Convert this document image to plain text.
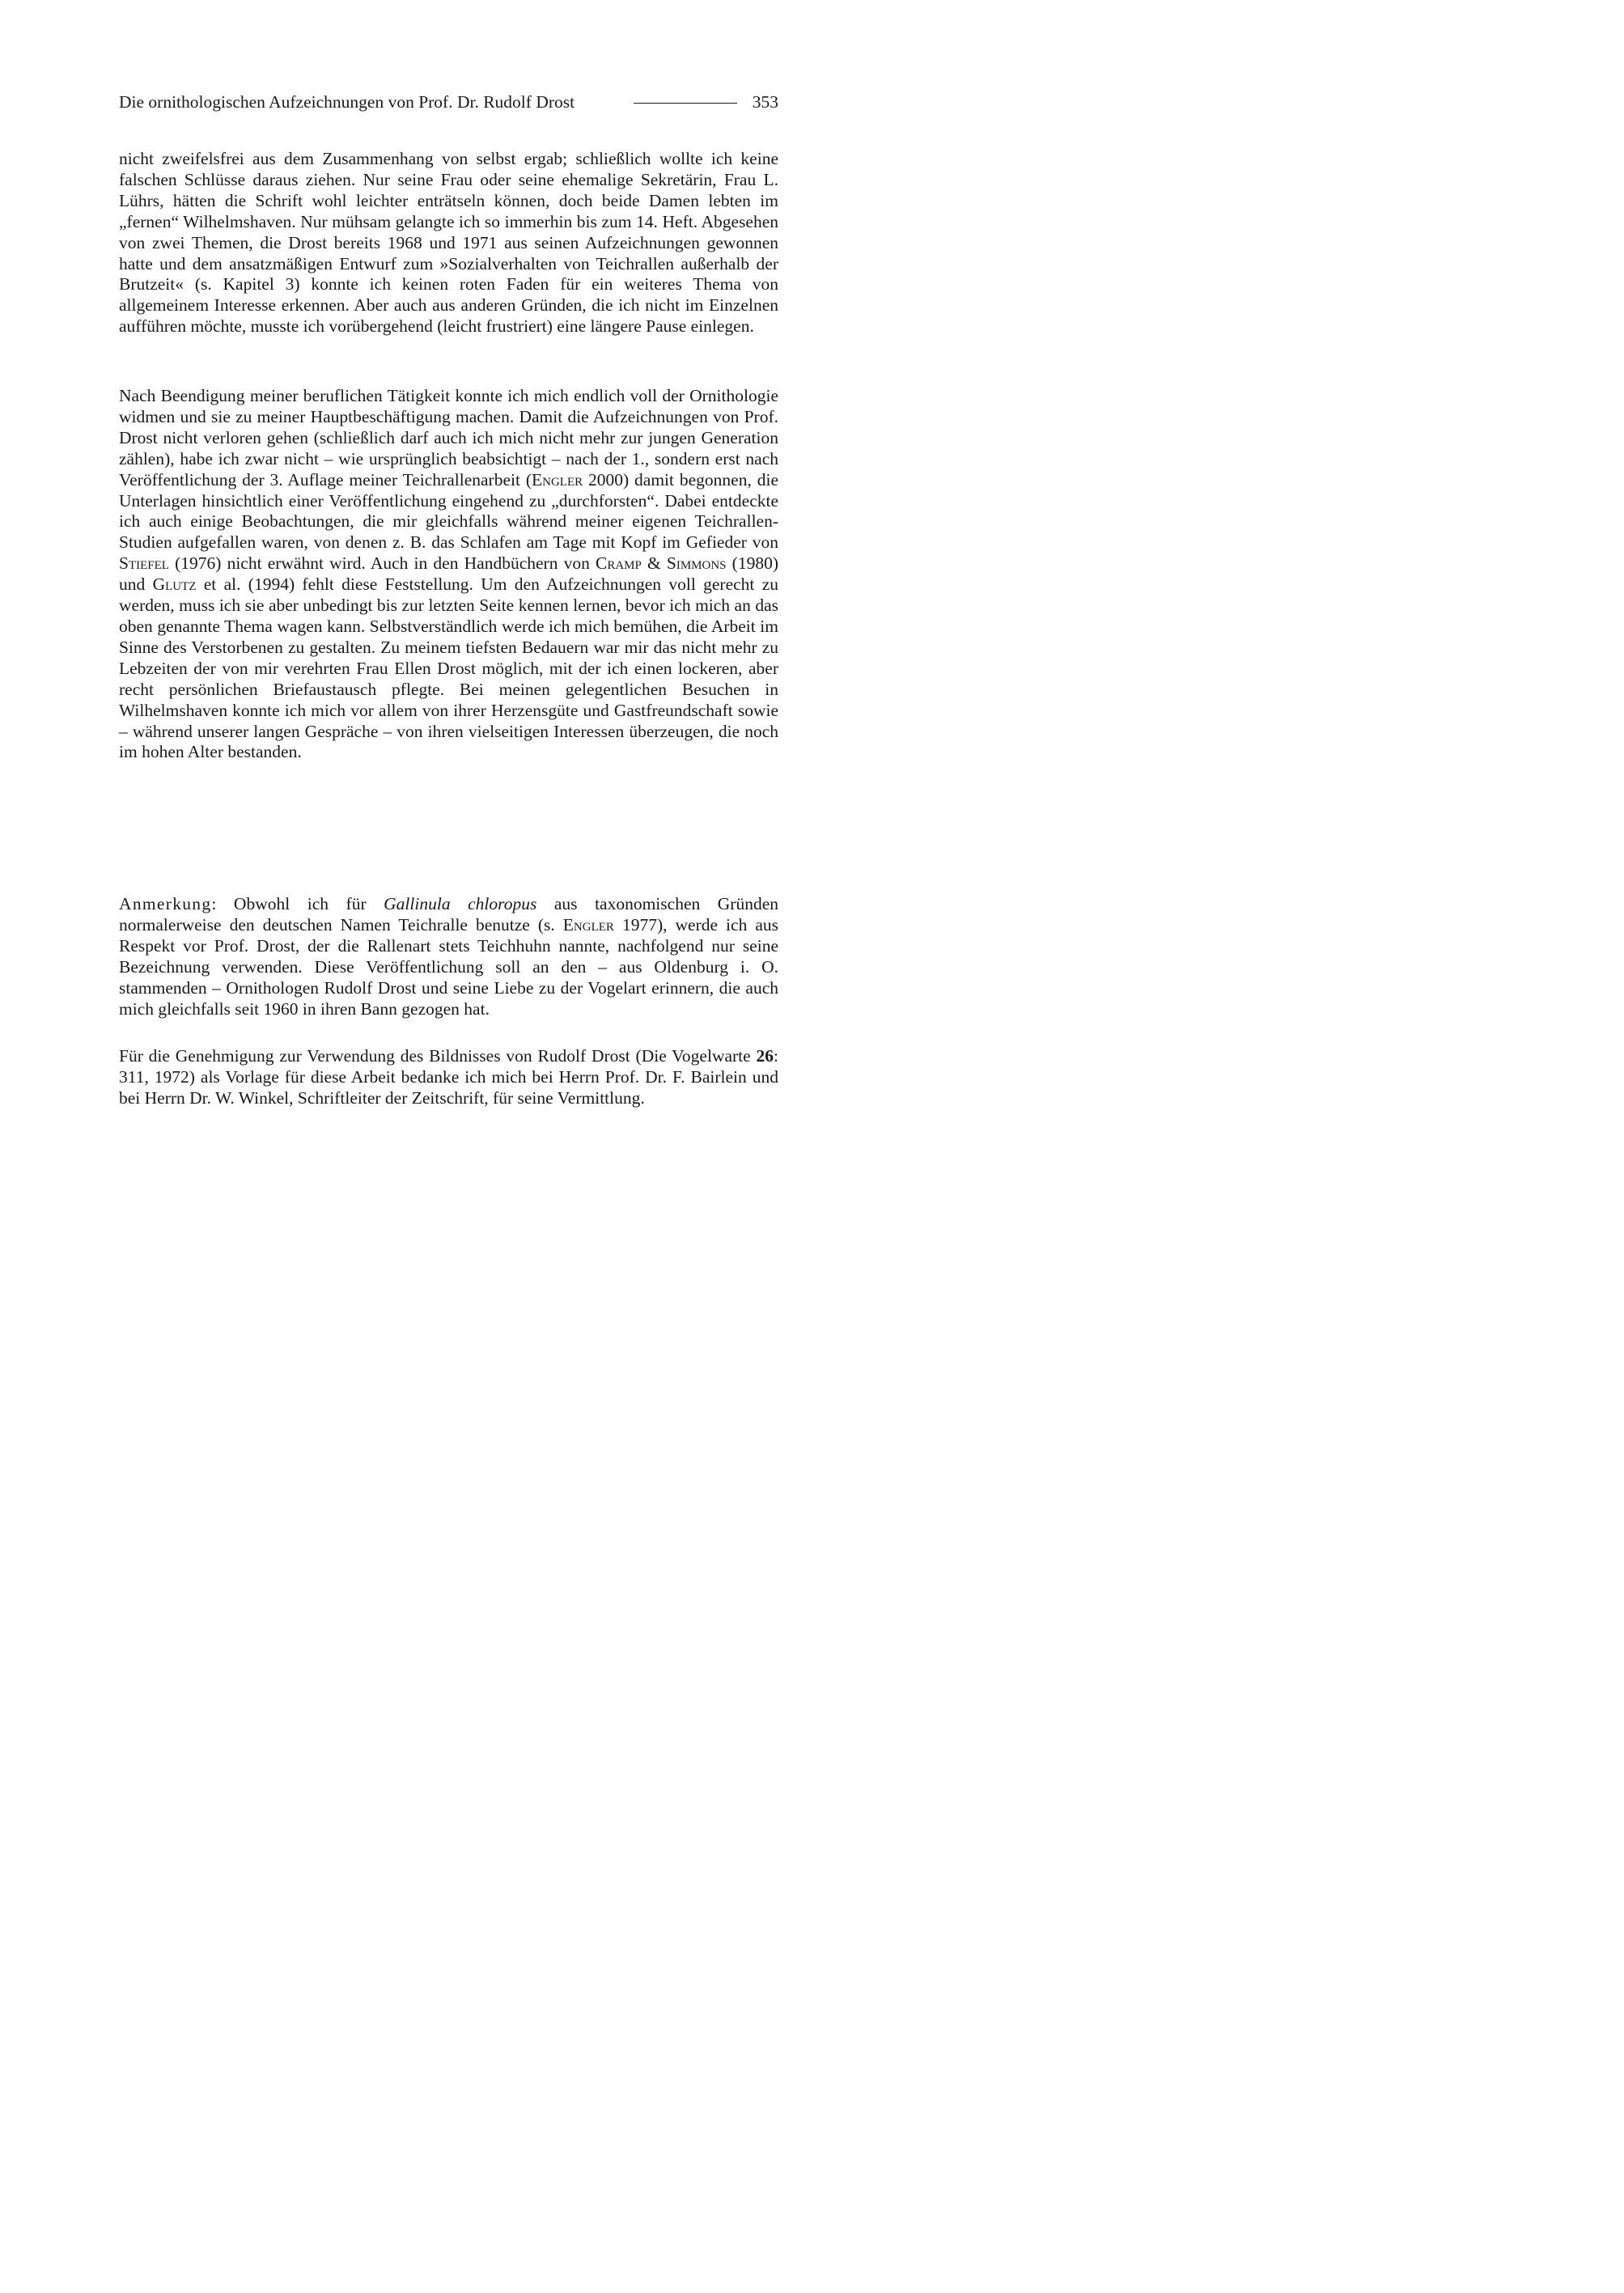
Die ornithologischen Aufzeichnungen von Prof. Dr. Rudolf Drost	353

nicht zweifelsfrei aus dem Zusammenhang von selbst ergab; schließlich wollte ich keine falschen Schlüsse daraus ziehen. Nur seine Frau oder seine ehemalige Sekretärin, Frau L. Lührs, hätten die Schrift wohl leichter enträtseln können, doch beide Damen lebten im „fernen“ Wilhelmshaven. Nur mühsam gelangte ich so immerhin bis zum 14. Heft. Abgesehen von zwei Themen, die Drost bereits 1968 und 1971 aus seinen Aufzeichnungen gewonnen hatte und dem ansatzmäßigen Entwurf zum »Sozialverhalten von Teichrallen außerhalb der Brutzeit« (s. Kapitel 3) konnte ich keinen roten Faden für ein weiteres Thema von allgemeinem Interesse erkennen. Aber auch aus anderen Gründen, die ich nicht im Einzelnen aufführen möchte, musste ich vorübergehend (leicht frustriert) eine längere Pause einlegen.

Nach Beendigung meiner beruflichen Tätigkeit konnte ich mich endlich voll der Ornithologie widmen und sie zu meiner Hauptbeschäftigung machen. Damit die Aufzeichnungen von Prof. Drost nicht verloren gehen (schließlich darf auch ich mich nicht mehr zur jungen Generation zählen), habe ich zwar nicht – wie ursprünglich beabsichtigt – nach der 1., sondern erst nach Veröffentlichung der 3. Auflage meiner Teichrallenarbeit (Engler 2000) damit begonnen, die Unterlagen hinsichtlich einer Veröffentlichung eingehend zu „durchforsten“. Dabei entdeckte ich auch einige Beobachtungen, die mir gleichfalls während meiner eigenen Teichrallen-Studien aufgefallen waren, von denen z. B. das Schlafen am Tage mit Kopf im Gefieder von Stiefel (1976) nicht erwähnt wird. Auch in den Handbüchern von Cramp & Simmons (1980) und Glutz et al. (1994) fehlt diese Feststellung. Um den Aufzeichnungen voll gerecht zu werden, muss ich sie aber unbedingt bis zur letzten Seite kennen lernen, bevor ich mich an das oben genannte Thema wagen kann. Selbstverständlich werde ich mich bemühen, die Arbeit im Sinne des Verstorbenen zu gestalten. Zu meinem tiefsten Bedauern war mir das nicht mehr zu Lebzeiten der von mir verehrten Frau Ellen Drost möglich, mit der ich einen lockeren, aber recht persönlichen Briefaustausch pflegte. Bei meinen gelegentlichen Besuchen in Wilhelmshaven konnte ich mich vor allem von ihrer Herzensgüte und Gastfreundschaft sowie – während unserer langen Gespräche – von ihren vielseitigen Interessen überzeugen, die noch im hohen Alter bestanden.

Anmerkung: Obwohl ich für Gallinula chloropus aus taxonomischen Gründen normalerweise den deutschen Namen Teichralle benutze (s. Engler 1977), werde ich aus Respekt vor Prof. Drost, der die Rallenart stets Teichhuhn nannte, nachfolgend nur seine Bezeichnung verwenden. Diese Veröffentlichung soll an den – aus Oldenburg i. O. stammenden – Ornithologen Rudolf Drost und seine Liebe zu der Vogelart erinnern, die auch mich gleichfalls seit 1960 in ihren Bann gezogen hat.

Für die Genehmigung zur Verwendung des Bildnisses von Rudolf Drost (Die Vogelwarte 26: 311, 1972) als Vorlage für diese Arbeit bedanke ich mich bei Herrn Prof. Dr. F. Bairlein und bei Herrn Dr. W. Winkel, Schriftleiter der Zeitschrift, für seine Vermittlung.
